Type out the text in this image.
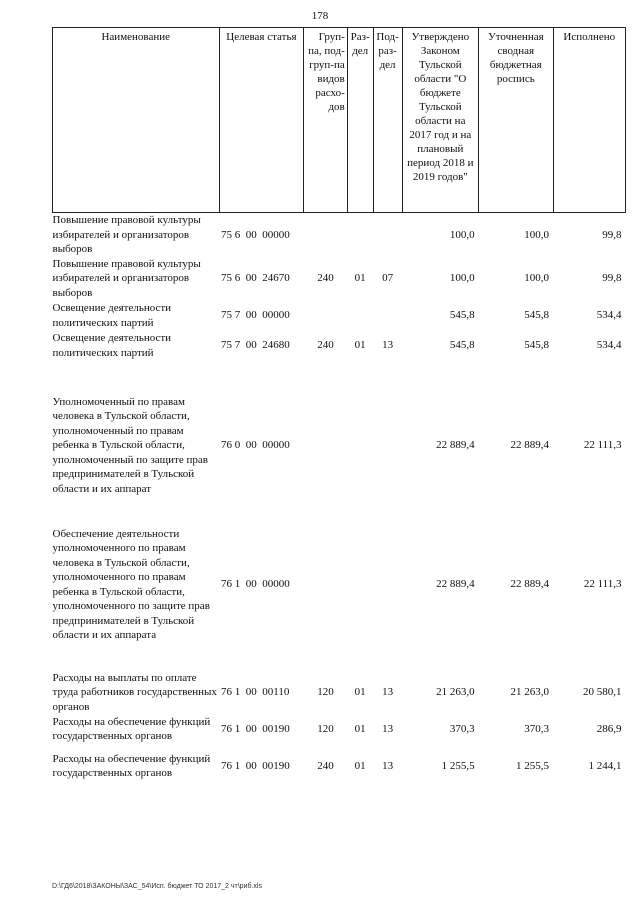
178
Наименование	Целевая статья	Груп-па, под-груп-па видов расхо-дов	Раз-дел	Под-раз-дел	Утверждено Законом Тульской области "О бюджете Тульской области на 2017 год и на плановый период 2018 и 2019 годов"	Уточненная сводная бюджетная роспись	Исполнено
Повышение правовой культуры избирателей и организаторов выборов	75 6  00  00000				100,0	100,0	99,8
Повышение правовой культуры избирателей и организаторов выборов	75 6  00  24670	240	01	07	100,0	100,0	99,8
Освещение деятельности политических партий	75 7  00  00000				545,8	545,8	534,4
Освещение деятельности политических партий	75 7  00  24680	240	01	13	545,8	545,8	534,4
Уполномоченный по правам человека в Тульской области, уполномоченный по правам ребенка в Тульской области, уполномоченный по защите прав предпринимателей в Тульской области и их аппарат	76 0  00  00000				22 889,4	22 889,4	22 111,3
Обеспечение деятельности уполномоченного по правам человека в Тульской области, уполномоченного по правам ребенка в Тульской области, уполномоченного по защите прав предпринимателей в Тульской области и их аппарата	76 1  00  00000				22 889,4	22 889,4	22 111,3
Расходы на выплаты по оплате труда работников государственных органов	76 1  00  00110	120	01	13	21 263,0	21 263,0	20 580,1
Расходы на обеспечение функций государственных органов	76 1  00  00190	120	01	13	370,3	370,3	286,9
Расходы на обеспечение функций государственных органов	76 1  00  00190	240	01	13	1 255,5	1 255,5	1 244,1
D:\ГД6\2018\ЗАКОНЫ\ЗАС_54\Исп. бюджет ТО 2017_2 чт\риб.xls
